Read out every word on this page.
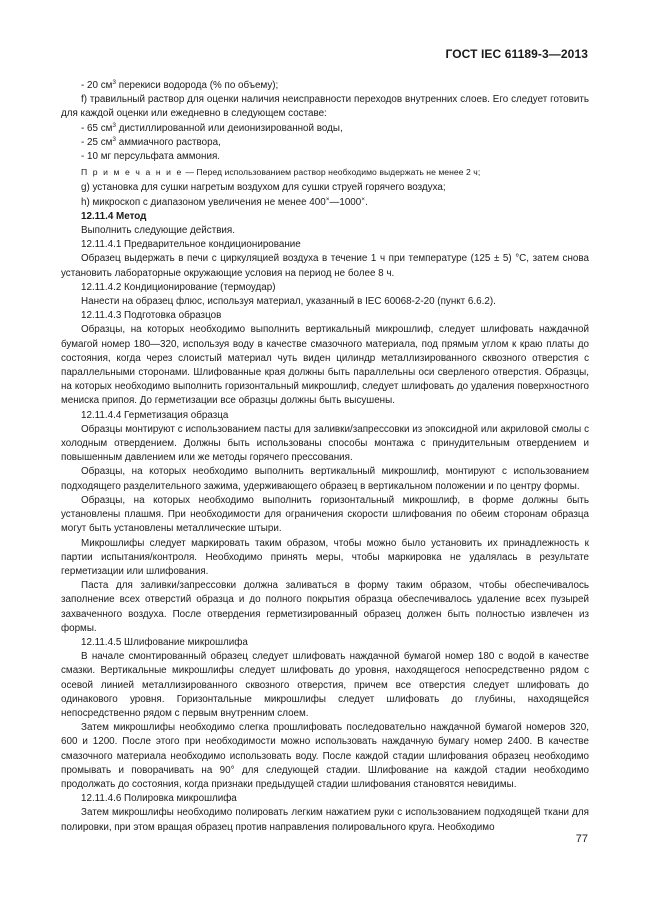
ГОСТ IEC 61189-3—2013

- 20 $см^3$ перекиси водорода (% по объему);

f) травильный раствор для оценки наличия неисправности переходов внутренних слоев. Его следует готовить для каждой оценки или ежедневно в следующем составе:

- 65 $см^3$ дистиллированной или деионизированной воды,

- 25 $см^3$ аммиачного раствора,

- 10 мг персульфата аммония.

П р и м е ч а н и е — Перед использованием раствор необходимо выдержать не менее 2 ч;

g) установка для сушки нагретым воздухом для сушки струей горячего воздуха;

h) микроскоп с диапазоном увеличения не менее 400×—1000×.

12.11.4 Метод

Выполнить следующие действия.

12.11.4.1 Предварительное кондиционирование

Образец выдержать в печи с циркуляцией воздуха в течение 1 ч при температуре (125 ± 5) °С, затем снова установить лабораторные окружающие условия на период не более 8 ч.

12.11.4.2 Кондиционирование (термоудар)

Нанести на образец флюс, используя материал, указанный в IEC 60068-2-20 (пункт 6.6.2).

12.11.4.3 Подготовка образцов

Образцы, на которых необходимо выполнить вертикальный микрошлиф, следует шлифовать наждачной бумагой номер 180—320, используя воду в качестве смазочного материала, под прямым углом к краю платы до состояния, когда через слоистый материал чуть виден цилиндр металлизированного сквозного отверстия с параллельными сторонами. Шлифованные края должны быть параллельны оси сверленого отверстия. Образцы, на которых необходимо выполнить горизонтальный микрошлиф, следует шлифовать до удаления поверхностного мениска припоя. До герметизации все образцы должны быть высушены.

12.11.4.4 Герметизация образца

Образцы монтируют с использованием пасты для заливки/запрессовки из эпоксидной или акриловой смолы с холодным отвердением. Должны быть использованы способы монтажа с принудительным отвердением и повышенным давлением или же методы горячего прессования.

Образцы, на которых необходимо выполнить вертикальный микрошлиф, монтируют с использованием подходящего разделительного зажима, удерживающего образец в вертикальном положении и по центру формы.

Образцы, на которых необходимо выполнить горизонтальный микрошлиф, в форме должны быть установлены плашмя. При необходимости для ограничения скорости шлифования по обеим сторонам образца могут быть установлены металлические штыри.

Микрошлифы следует маркировать таким образом, чтобы можно было установить их принадлежность к партии испытания/контроля. Необходимо принять меры, чтобы маркировка не удалялась в результате герметизации или шлифования.

Паста для заливки/запрессовки должна заливаться в форму таким образом, чтобы обеспечивалось заполнение всех отверстий образца и до полного покрытия образца обеспечивалось удаление всех пузырей захваченного воздуха. После отвердения герметизированный образец должен быть полностью извлечен из формы.

12.11.4.5 Шлифование микрошлифа

В начале смонтированный образец следует шлифовать наждачной бумагой номер 180 с водой в качестве смазки. Вертикальные микрошлифы следует шлифовать до уровня, находящегося непосредственно рядом с осевой линией металлизированного сквозного отверстия, причем все отверстия следует шлифовать до одинакового уровня. Горизонтальные микрошлифы следует шлифовать до глубины, находящейся непосредственно рядом с первым внутренним слоем.

Затем микрошлифы необходимо слегка прошлифовать последовательно наждачной бумагой номеров 320, 600 и 1200. После этого при необходимости можно использовать наждачную бумагу номер 2400. В качестве смазочного материала необходимо использовать воду. После каждой стадии шлифования образец необходимо промывать и поворачивать на 90° для следующей стадии. Шлифование на каждой стадии необходимо продолжать до состояния, когда признаки предыдущей стадии шлифования становятся невидимы.

12.11.4.6 Полировка микрошлифа

Затем микрошлифы необходимо полировать легким нажатием руки с использованием подходящей ткани для полировки, при этом вращая образец против направления полировального круга. Необходимо

77
